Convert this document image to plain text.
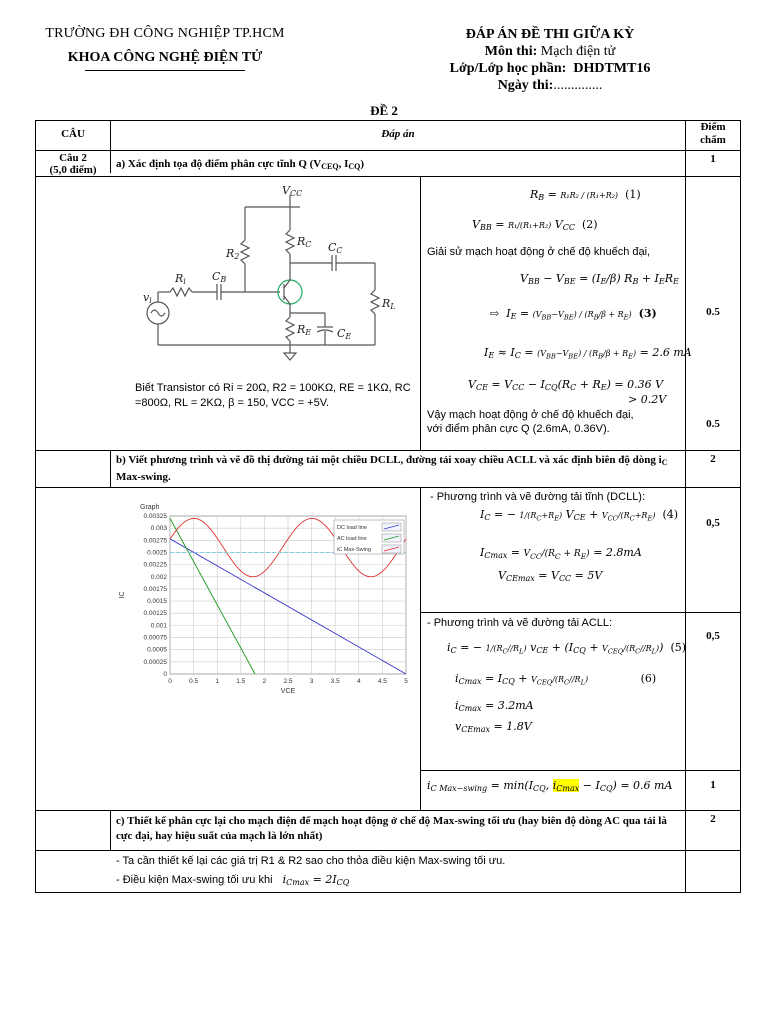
TRƯỜNG ĐH CÔNG NGHIỆP TP.HCM
KHOA CÔNG NGHỆ ĐIỆN TỬ
ĐÁP ÁN ĐỀ THI GIỮA KỲ
Môn thi: Mạch điện tử
Lớp/Lớp học phần: DHDTMT16
Ngày thi:..............
ĐỀ 2
CÂU	Đáp án
Điểm chấm
Câu 2
(5,0 điểm)	a) Xác định tọa độ điểm phân cực tĩnh Q ($V_{CEQ}$, $I_{CQ}$)	1
VCC
R2
RC CC
Ri CB
RL
RE CE
vi
Biết Transistor có Ri = 20Ω, R2 = 100KΩ, RE = 1KΩ, RC =800Ω, RL = 2KΩ, β = 150, VCC = +5V.
$R_B = R_1R_2 / (R_1+R_2)$ (1)
$V_{BB} = R_1/(R_1+R_2)$ $V_{CC}$ (2)
Giải sử mạch hoạt động ở chế độ khuếch đại,
$V_{BB} - V_{BE} = (I_E/\beta) R_B + I_ER_E$
⇨  $I_E = (V_{BB}-V_{BE}) / (R_B/\beta + R_E)$ (3)	0.5
$I_E \approx I_C = (V_{BB}-V_{BE}) / (R_B/\beta + R_E) = 2.6$ mA
$V_{CE} = V_{CC} - I_{CQ}(R_C + R_E) = 0.36$ V
> 0.2V
Vậy mạch hoạt động ở chế độ khuếch đại,
với điểm phân cực Q (2.6mA, 0.36V).	0.5
b) Viết phương trình và vẽ đồ thị đường tải một chiều DCLL, đường tải xoay chiều ACLL và xác định biên độ dòng $i_C$ Max-swing.
2
Graph
0	0.5	1	1.5	2	2.5	3	3.5	4	4.5	5
0
0.00025
0.0005
0.00075
0.001
0.00125
0.0015
0.00175
0.002
0.00225
0.0025
0.00275
0.003
0.00325
VCE
IC
DC load line
AC load line
iC Max-Swing
- Phương trình và vẽ đường tải tĩnh (DCLL):
$I_C$ = − $1/(R_C+R_E) V_{CE} + V_{CC}/(R_C+R_E)$ (4)
0,5
$I_{Cmax} = V_{CC}/(R_C + R_E) = 2.8mA$
$V_{CEmax} = V_{CC} = 5V$
- Phương trình và vẽ đường tải ACLL:
0,5
$i_C$ = − $1/(R_C//R_L) v_{CE} + (I_{CQ} + V_{CEQ}/(R_C//R_L))$  (5)
$i_{Cmax} = I_{CQ} + V_{CEQ}/(R_C//R_L)$	(6)
$i_{Cmax} = 3.2mA$
$v_{CEmax} = 1.8V$
$i_{C Max-swing} = \min(I_{CQ}$, $i_{Cmax} - I_{CQ}) = 0.6$ mA	1
c) Thiết kế phân cực lại cho mạch điện để mạch hoạt động ở chế độ Max-swing tối ưu (hay biên độ dòng AC qua tải là cực đại, hay hiệu suất của mạch là lớn nhất)
2
- Ta cần thiết kế lại các giá trị R1 & R2 sao cho thỏa điều kiện Max-swing tối ưu.
- Điều kiện Max-swing tối ưu khi   $i_{Cmax} = 2I_{CQ}$
